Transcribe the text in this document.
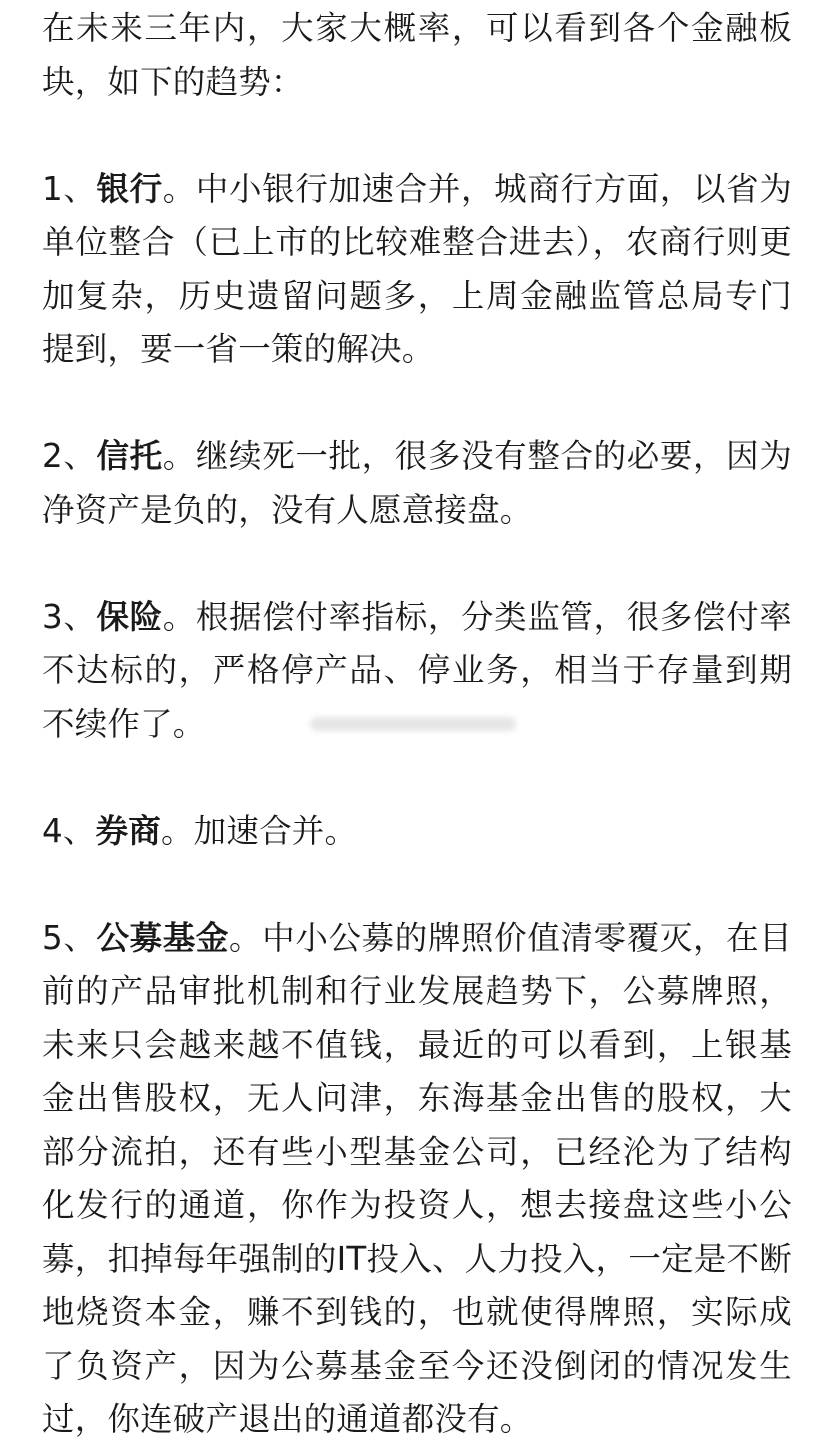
在未来三年内，大家大概率，可以看到各个金融板块，如下的趋势：

1、银行。中小银行加速合并，城商行方面，以省为单位整合（已上市的比较难整合进去），农商行则更加复杂，历史遗留问题多，上周金融监管总局专门提到，要一省一策的解决。

2、信托。继续死一批，很多没有整合的必要，因为净资产是负的，没有人愿意接盘。

3、保险。根据偿付率指标，分类监管，很多偿付率不达标的，严格停产品、停业务，相当于存量到期不续作了。

4、券商。加速合并。

5、公募基金。中小公募的牌照价值清零覆灭，在目前的产品审批机制和行业发展趋势下，公募牌照，未来只会越来越不值钱，最近的可以看到，上银基金出售股权，无人问津，东海基金出售的股权，大部分流拍，还有些小型基金公司，已经沦为了结构化发行的通道，你作为投资人，想去接盘这些小公募，扣掉每年强制的IT投入、人力投入，一定是不断地烧资本金，赚不到钱的，也就使得牌照，实际成了负资产，因为公募基金至今还没倒闭的情况发生过，你连破产退出的通道都没有。
